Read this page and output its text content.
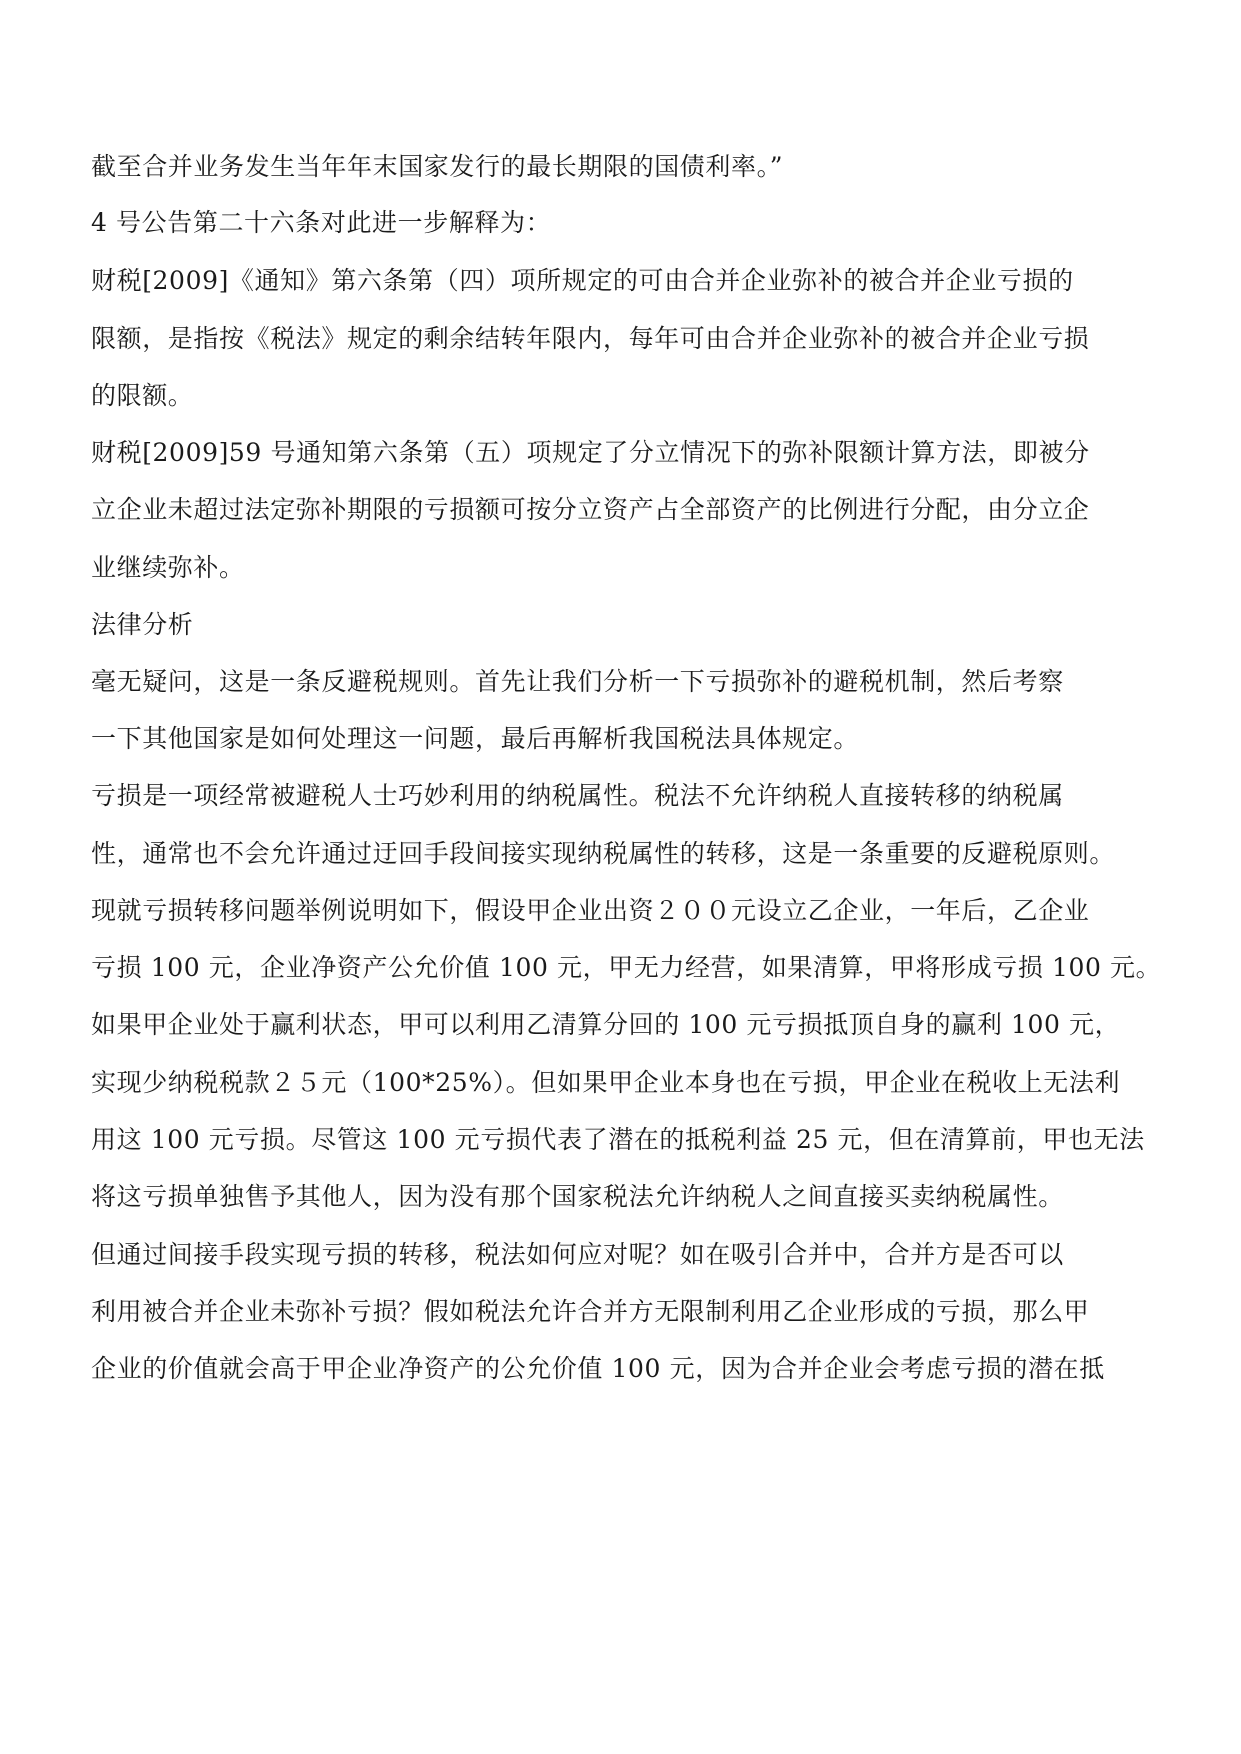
截至合并业务发生当年年末国家发行的最长期限的国债利率。”
4 号公告第二十六条对此进一步解释为：
财税[2009]《通知》第六条第（四）项所规定的可由合并企业弥补的被合并企业亏损的
限额，是指按《税法》规定的剩余结转年限内，每年可由合并企业弥补的被合并企业亏损
的限额。
财税[2009]59 号通知第六条第（五）项规定了分立情况下的弥补限额计算方法，即被分
立企业未超过法定弥补期限的亏损额可按分立资产占全部资产的比例进行分配，由分立企
业继续弥补。
法律分析
毫无疑问，这是一条反避税规则。首先让我们分析一下亏损弥补的避税机制，然后考察
一下其他国家是如何处理这一问题，最后再解析我国税法具体规定。
亏损是一项经常被避税人士巧妙利用的纳税属性。税法不允许纳税人直接转移的纳税属
性，通常也不会允许通过迂回手段间接实现纳税属性的转移，这是一条重要的反避税原则。
现就亏损转移问题举例说明如下，假设甲企业出资２００元设立乙企业，一年后，乙企业
亏损 100 元，企业净资产公允价值 100 元，甲无力经营，如果清算，甲将形成亏损 100 元。
如果甲企业处于赢利状态，甲可以利用乙清算分回的 100 元亏损抵顶自身的赢利 100 元，
实现少纳税税款２５元（100*25%）。但如果甲企业本身也在亏损，甲企业在税收上无法利
用这 100 元亏损。尽管这 100 元亏损代表了潜在的抵税利益 25 元，但在清算前，甲也无法
将这亏损单独售予其他人，因为没有那个国家税法允许纳税人之间直接买卖纳税属性。
但通过间接手段实现亏损的转移，税法如何应对呢？如在吸引合并中，合并方是否可以
利用被合并企业未弥补亏损？假如税法允许合并方无限制利用乙企业形成的亏损，那么甲
企业的价值就会高于甲企业净资产的公允价值 100 元，因为合并企业会考虑亏损的潜在抵
